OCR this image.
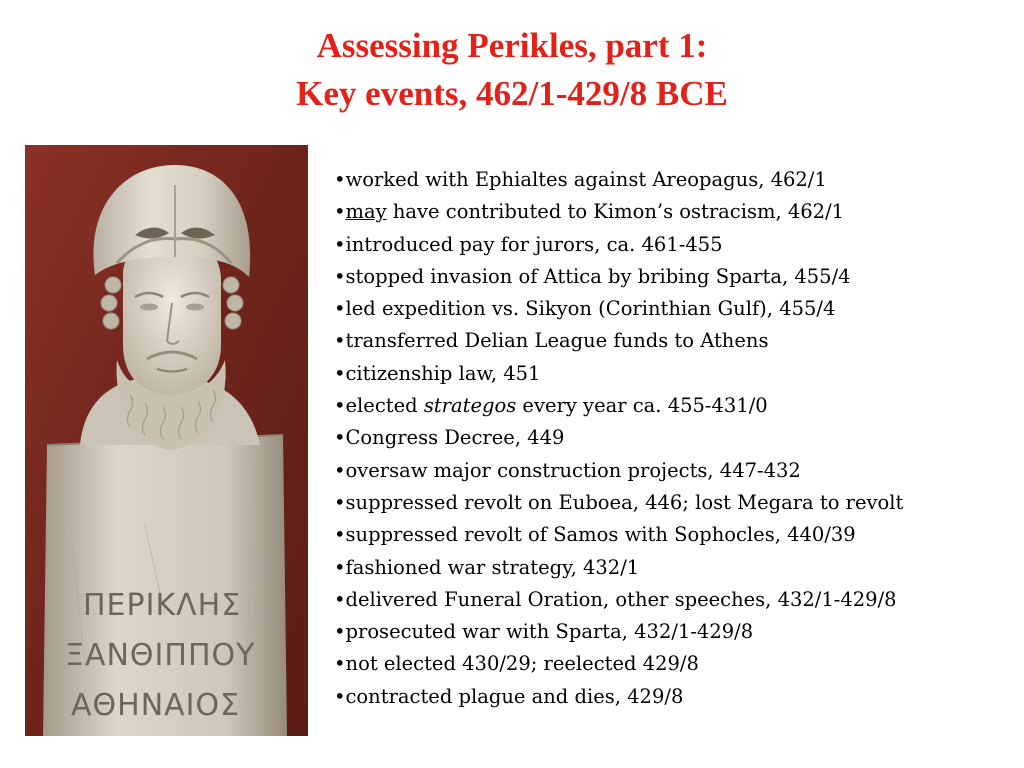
Assessing Perikles, part 1:
Key events, 462/1-429/8 BCE
ΠΕΡΙΚΛΗΣ
ΞΑΝΘΙΠΠΟΥ
ΑΘΗΝΑΙΟΣ
•worked with Ephialtes against Areopagus, 462/1
•may have contributed to Kimon’s ostracism, 462/1
•introduced pay for jurors, ca. 461-455
•stopped invasion of Attica by bribing Sparta, 455/4
•led expedition vs. Sikyon (Corinthian Gulf), 455/4
•transferred Delian League funds to Athens
•citizenship law, 451
•elected strategos every year ca. 455-431/0
•Congress Decree, 449
•oversaw major construction projects, 447-432
•suppressed revolt on Euboea, 446; lost Megara to revolt
•suppressed revolt of Samos with Sophocles, 440/39
•fashioned war strategy, 432/1
•delivered Funeral Oration, other speeches, 432/1-429/8
•prosecuted war with Sparta, 432/1-429/8
•not elected 430/29; reelected 429/8
•contracted plague and dies, 429/8
